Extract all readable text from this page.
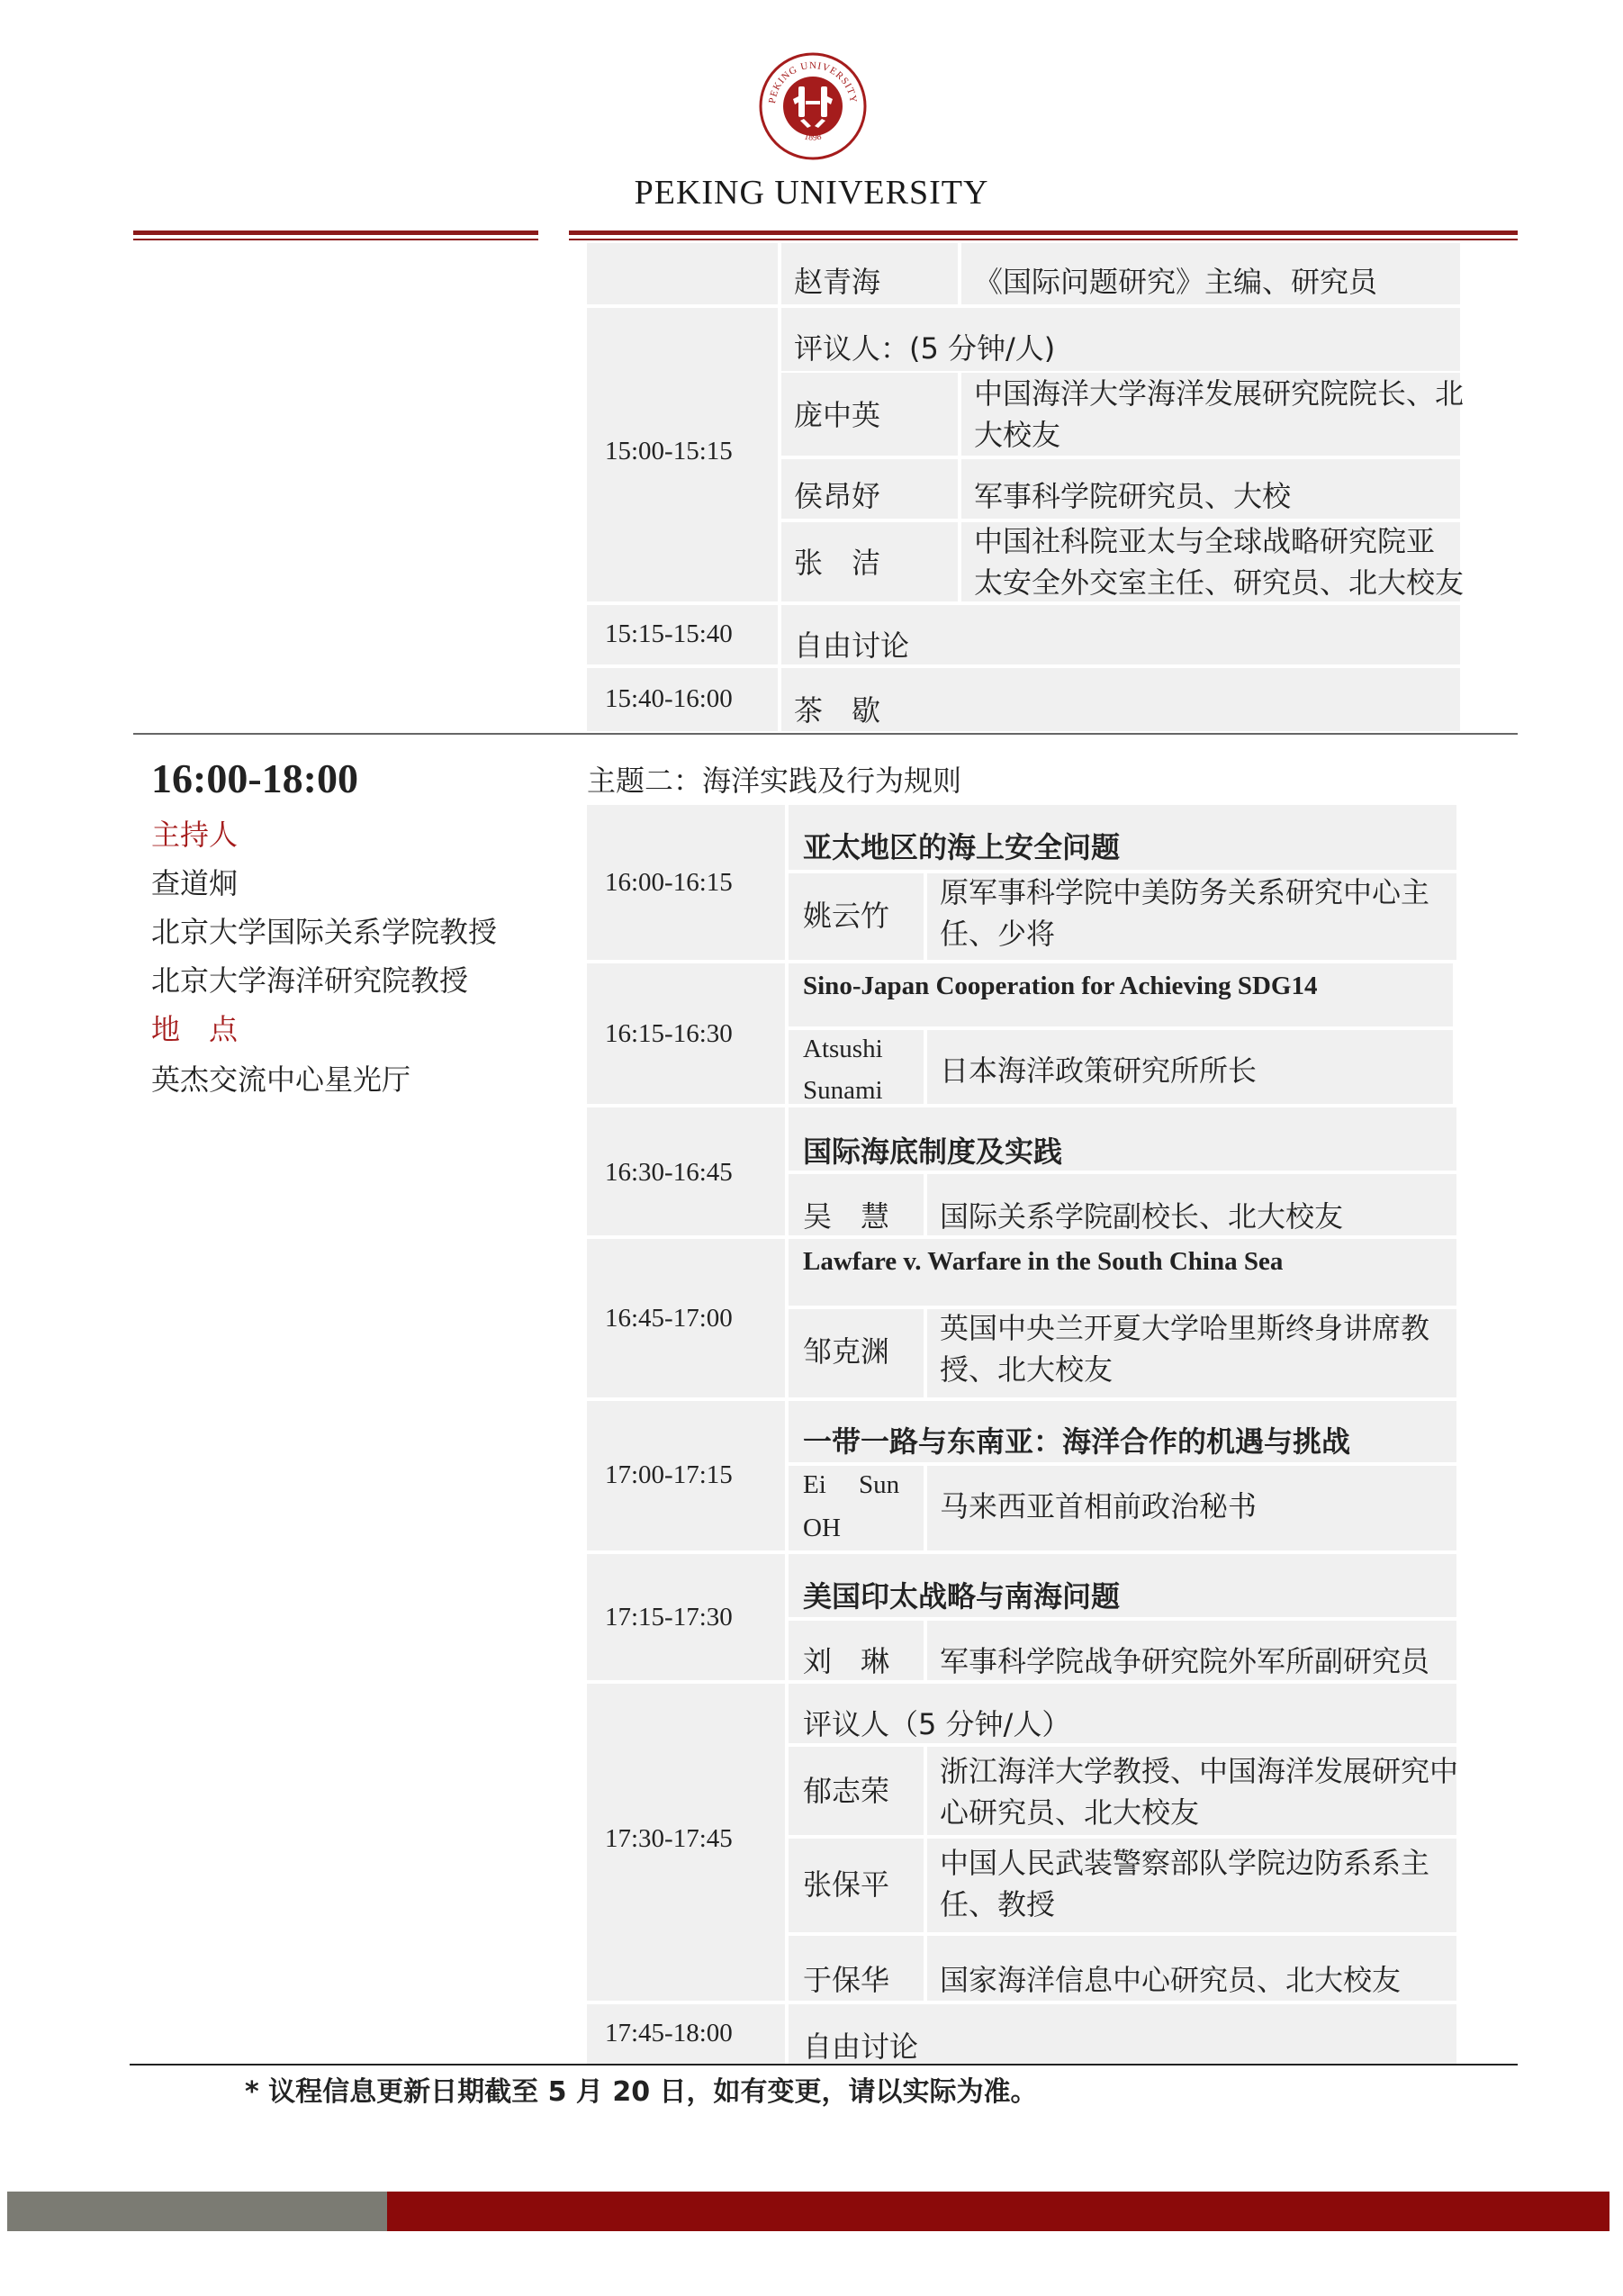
PEKING UNIVERSITY
1898
PEKING UNIVERSITY
赵青海	《国际问题研究》主编、研究员
15:00-15:15
评议人：(5 分钟/人)
庞中英
中国海洋大学海洋发展研究院院长、北
大校友
侯昂妤	军事科学院研究员、大校
张　洁
中国社科院亚太与全球战略研究院亚
太安全外交室主任、研究员、北大校友
15:15-15:40 自由讨论
15:40-16:00 茶　歇
16:00-18:00
主持人
查道炯
北京大学国际关系学院教授
北京大学海洋研究院教授
地　点
英杰交流中心星光厅
主题二：海洋实践及行为规则
16:00-16:15
亚太地区的海上安全问题
姚云竹
原军事科学院中美防务关系研究中心主
任、少将
16:15-16:30
Sino-Japan Cooperation for Achieving SDG14
Atsushi
Sunami
日本海洋政策研究所所长
16:30-16:45
国际海底制度及实践
吴　慧 国际关系学院副校长、北大校友
16:45-17:00
Lawfare v. Warfare in the South China Sea
邹克渊
英国中央兰开夏大学哈里斯终身讲席教
授、北大校友
17:00-17:15
一带一路与东南亚：海洋合作的机遇与挑战
Ei　 Sun
OH
马来西亚首相前政治秘书
17:15-17:30
美国印太战略与南海问题
刘　琳 军事科学院战争研究院外军所副研究员
17:30-17:45
评议人（5 分钟/人）
郁志荣
浙江海洋大学教授、中国海洋发展研究中
心研究员、北大校友
张保平
中国人民武装警察部队学院边防系系主
任、教授
于保华 国家海洋信息中心研究员、北大校友
17:45-18:00 自由讨论
* 议程信息更新日期截至 5 月 20 日，如有变更，请以实际为准。
